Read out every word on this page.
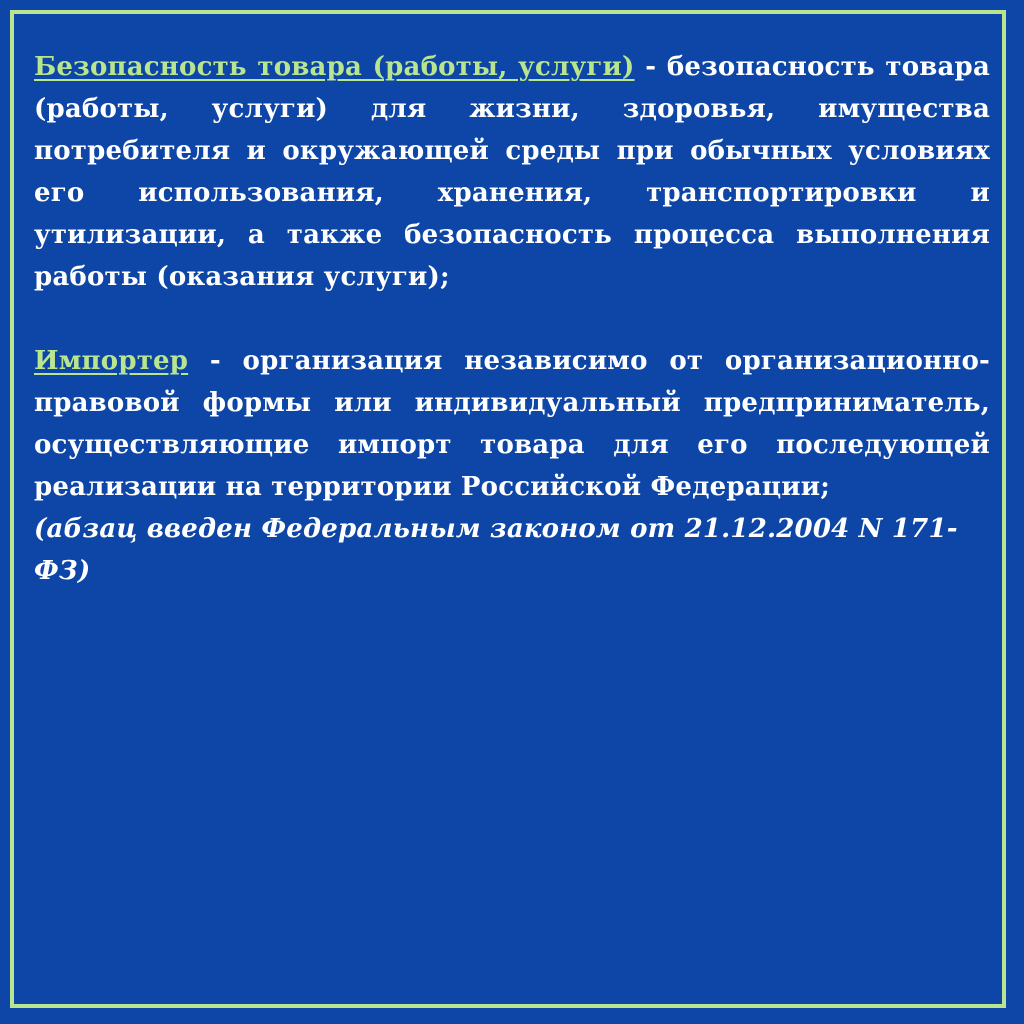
Безопасность товара (работы, услуги) - безопасность товара (работы, услуги) для жизни, здоровья, имущества потребителя и окружающей среды при обычных условиях его использования, хранения, транспортировки и утилизации, а также безопасность процесса выполнения работы (оказания услуги);

Импортер - организация независимо от организационно-правовой формы или индивидуальный предприниматель, осуществляющие импорт товара для его последующей реализации на территории Российской Федерации;

(абзац введен Федеральным законом от 21.12.2004 N 171-ФЗ)
